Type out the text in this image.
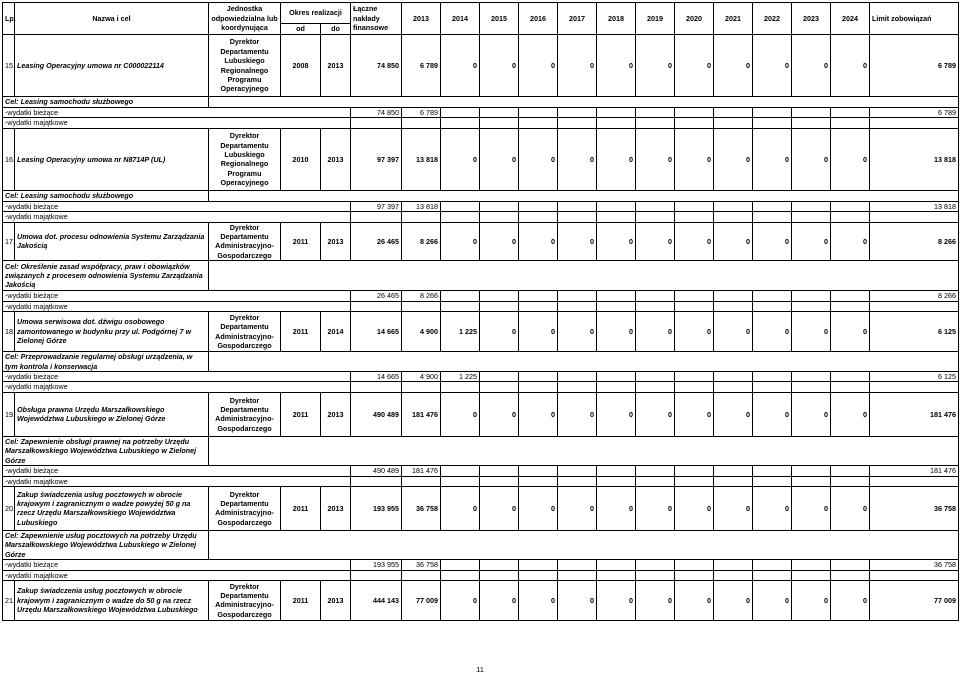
Lp.	Nazwa i cel	Jednostka odpowiedzialna lub koordynująca	Okres realizacji		Łączne nakłady finansowe	2013	2014	2015	2016	2017	2018	2019	2020	2021	2022	2023	2024	Limit zobowiązań
			od	do														
15.	Leasing Operacyjny umowa nr C000022114	Dyrektor Departamentu Lubuskiego Regionalnego Programu Operacyjnego	2008	2013	74 850	6 789	0	0	0	0	0	0	0	0	0	0	0	6 789
Cel: Leasing samochodu służbowego																		
-wydatki bieżące					74 850	6 789												6 789
-wydatki majątkowe																		
16.	Leasing Operacyjny umowa nr N8714P (UL)	Dyrektor Departamentu Lubuskiego Regionalnego Programu Operacyjnego	2010	2013	97 397	13 818	0	0	0	0	0	0	0	0	0	0	0	13 818
Cel: Leasing samochodu służbowego																		
-wydatki bieżące					97 397	13 818												13 818
-wydatki majątkowe																		
17.	Umowa dot. procesu odnowienia Systemu Zarządzania Jakością	Dyrektor Departamentu Administracyjno-Gospodarczego	2011	2013	26 465	8 266	0	0	0	0	0	0	0	0	0	0	0	8 266
Cel: Określenie zasad współpracy, praw i obowiązków związanych z procesem odnowienia Systemu Zarządzania Jakością																		
-wydatki bieżące					26 465	8 266												8 266
-wydatki majątkowe																		
18.	Umowa serwisowa dot. dźwigu osobowego zamontowanego w budynku przy ul. Podgórnej 7 w Zielonej Górze	Dyrektor Departamentu Administracyjno-Gospodarczego	2011	2014	14 665	4 900	1 225	0	0	0	0	0	0	0	0	0	0	6 125
Cel: Przeprowadzanie regularnej obsługi urządzenia, w tym kontrola i konserwacja																		
-wydatki bieżące					14 665	4 900	1 225											6 125
-wydatki majątkowe																		
19.	Obsługa prawna Urzędu Marszałkowskiego Województwa Lubuskiego w Zielonej Górze	Dyrektor Departamentu Administracyjno-Gospodarczego	2011	2013	490 489	181 476	0	0	0	0	0	0	0	0	0	0	0	181 476
Cel: Zapewnienie obsługi prawnej na potrzeby Urzędu Marszałkowskiego Województwa Lubuskiego w Zielonej Górze																		
-wydatki bieżące					490 489	181 476												181 476
-wydatki majątkowe																		
20.	Zakup świadczenia usług pocztowych w obrocie krajowym i zagranicznym o wadze powyżej 50 g na rzecz Urzędu Marszałkowskiego Województwa Lubuskiego	Dyrektor Departamentu Administracyjno-Gospodarczego	2011	2013	193 955	36 758	0	0	0	0	0	0	0	0	0	0	0	36 758
Cel: Zapewnienie usług pocztowych na potrzeby Urzędu Marszałkowskiego Województwa Lubuskiego w Zielonej Górze																		
-wydatki bieżące					193 955	36 758												36 758
-wydatki majątkowe																		
21.	Zakup świadczenia usług pocztowych w obrocie krajowym i zagranicznym o wadze do 50 g na rzecz Urzędu Marszałkowskiego Województwa Lubuskiego	Dyrektor Departamentu Administracyjno-Gospodarczego	2011	2013	444 143	77 009	0	0	0	0	0	0	0	0	0	0	0	77 009
11
